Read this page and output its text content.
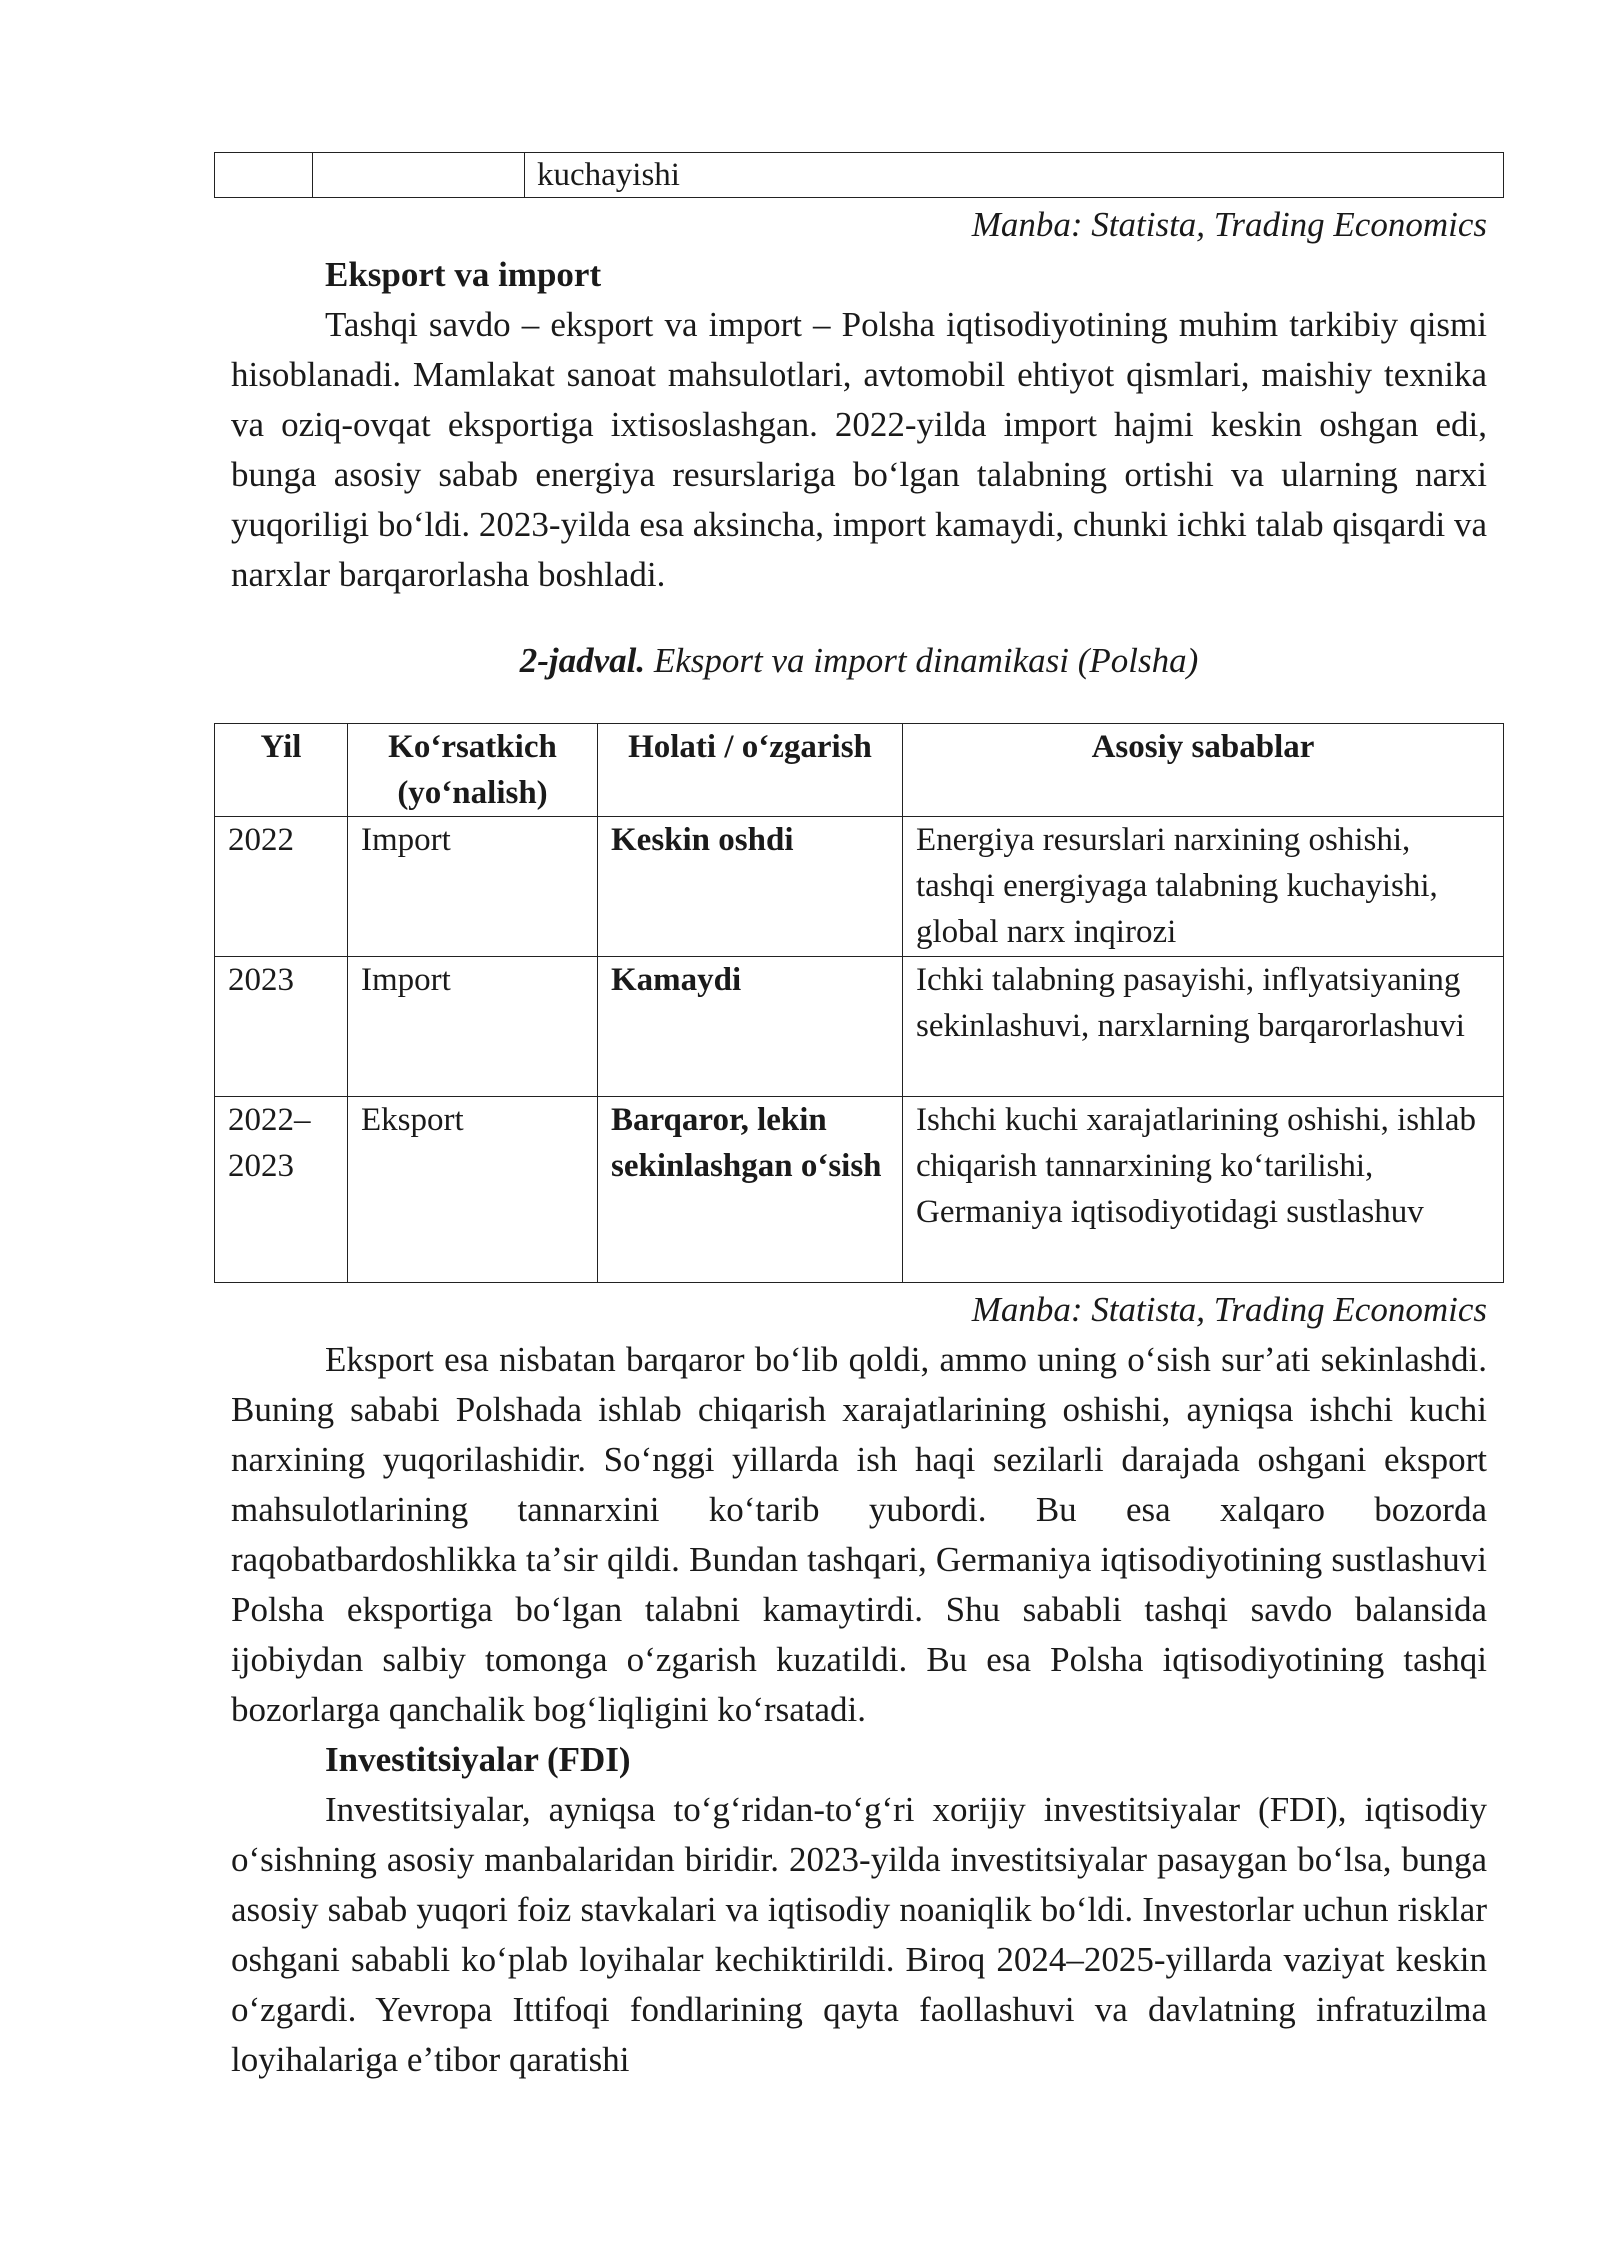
		kuchayishi
Manba: Statista, Trading Economics
Eksport va import

Tashqi savdo – eksport va import – Polsha iqtisodiyotining muhim tarkibiy qismi hisoblanadi. Mamlakat sanoat mahsulotlari, avtomobil ehtiyot qismlari, maishiy texnika va oziq-ovqat eksportiga ixtisoslashgan. 2022-yilda import hajmi keskin oshgan edi, bunga asosiy sabab energiya resurslariga boʻlgan talabning ortishi va ularning narxi yuqoriligi boʻldi. 2023-yilda esa aksincha, import kamaydi, chunki ichki talab qisqardi va narxlar barqarorlasha boshladi.

2-jadval. Eksport va import dinamikasi (Polsha)
Yil	Koʻrsatkich (yoʻnalish)	Holati / oʻzgarish	Asosiy sabablar
2022	Import	Keskin oshdi	Energiya resurslari narxining oshishi, tashqi energiyaga talabning kuchayishi, global narx inqirozi
2023	Import	Kamaydi	Ichki talabning pasayishi, inflyatsiyaning sekinlashuvi, narxlarning barqarorlashuvi
2022–2023	Eksport	Barqaror, lekin sekinlashgan oʻsish	Ishchi kuchi xarajatlarining oshishi, ishlab chiqarish tannarxining koʻtarilishi, Germaniya iqtisodiyotidagi sustlashuv
Manba: Statista, Trading Economics

Eksport esa nisbatan barqaror boʻlib qoldi, ammo uning oʻsish surʼati sekinlashdi. Buning sababi Polshada ishlab chiqarish xarajatlarining oshishi, ayniqsa ishchi kuchi narxining yuqorilashidir. Soʻnggi yillarda ish haqi sezilarli darajada oshgani eksport mahsulotlarining tannarxini koʻtarib yubordi. Bu esa xalqaro bozorda raqobatbardoshlikka taʼsir qildi. Bundan tashqari, Germaniya iqtisodiyotining sustlashuvi Polsha eksportiga boʻlgan talabni kamaytirdi. Shu sababli tashqi savdo balansida ijobiydan salbiy tomonga oʻzgarish kuzatildi. Bu esa Polsha iqtisodiyotining tashqi bozorlarga qanchalik bogʻliqligini koʻrsatadi.

Investitsiyalar (FDI)

Investitsiyalar, ayniqsa toʻgʻridan-toʻgʻri xorijiy investitsiyalar (FDI), iqtisodiy oʻsishning asosiy manbalaridan biridir. 2023-yilda investitsiyalar pasaygan boʻlsa, bunga asosiy sabab yuqori foiz stavkalari va iqtisodiy noaniqlik boʻldi. Investorlar uchun risklar oshgani sababli koʻplab loyihalar kechiktirildi. Biroq 2024–2025-yillarda vaziyat keskin oʻzgardi. Yevropa Ittifoqi fondlarining qayta faollashuvi va davlatning infratuzilma loyihalariga eʼtibor qaratishi
